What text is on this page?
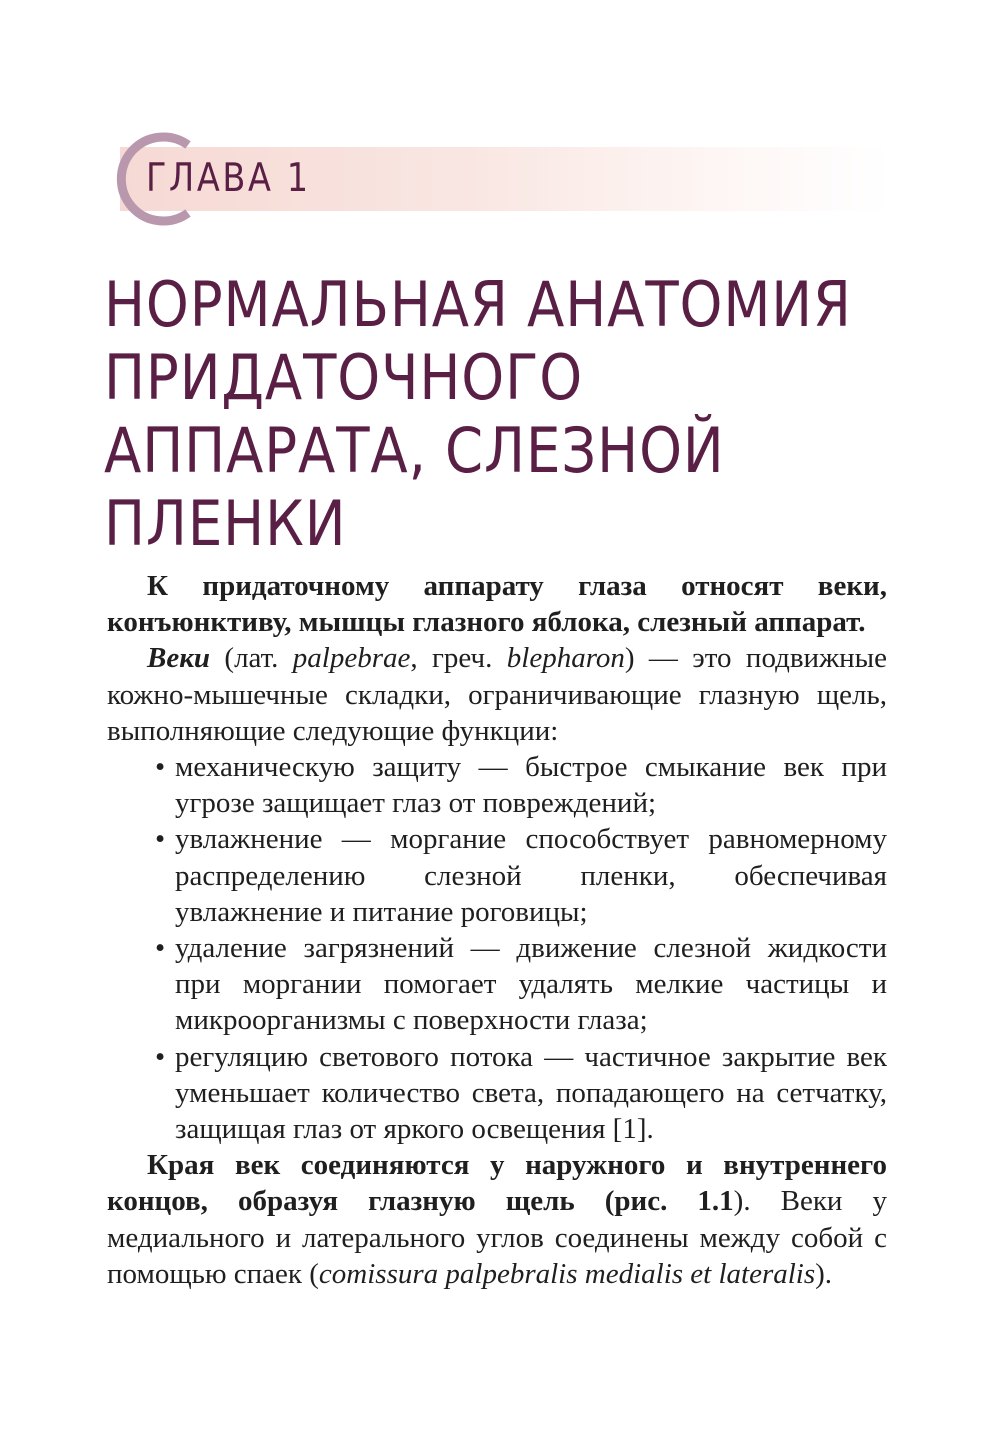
ГЛАВА 1
НОРМАЛЬНАЯ АНАТОМИЯ
ПРИДАТОЧНОГО
АППАРАТА, СЛЕЗНОЙ
ПЛЕНКИ

К придаточному аппарату глаза относят веки, конъюнктиву, мышцы глазного яблока, слезный аппарат.

Веки (лат. palpebrae, греч. blepharon) — это подвижные кожно-мышечные складки, ограничивающие глазную щель, выполняющие следующие функции:

• механическую защиту — быстрое смыкание век при угрозе защищает глаз от повреждений;
• увлажнение — моргание способствует равномерному распределению слезной пленки, обеспечивая увлажнение и питание роговицы;
• удаление загрязнений — движение слезной жидкости при моргании помогает удалять мелкие частицы и микроорганизмы с поверхности глаза;
• регуляцию светового потока — частичное закрытие век уменьшает количество света, попадающего на сетчатку, защищая глаз от яркого освещения [1].

Края век соединяются у наружного и внутреннего концов, образуя глазную щель (рис. 1.1). Веки у медиального и латерального углов соединены между собой с помощью спаек (comissura palpebralis medialis et lateralis).
